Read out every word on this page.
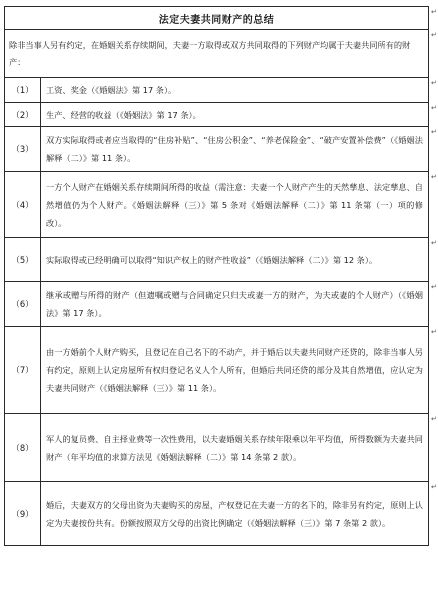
法定夫妻共同财产的总结	
除非当事人另有约定，在婚姻关系存续期间，夫妻一方取得或双方共同取得的下列财产均属于夫妻共同所有的财产：	
（1）	工资、奖金（《婚姻法》第 17 条）。
（2）	生产、经营的收益（《婚姻法》第 17 条）。
（3）	双方实际取得或者应当取得的“住房补贴”、“住房公积金”、“养老保险金”、“破产安置补偿费”（《婚姻法解释（二）》第 11 条）。
（4）	一方个人财产在婚姻关系存续期间所得的收益（需注意：夫妻一个人财产产生的天然孳息、法定孳息、自然增值仍为个人财产。《婚姻法解释（三）》第 5 条对《婚姻法解释（二）》第 11 条第（一）项的修改）。
（5）	实际取得或已经明确可以取得“知识产权上的财产性收益”（《婚姻法解释（二）》第 12 条）。
（6）	继承或赠与所得的财产（但遗嘱或赠与合同确定只归夫或妻一方的财产，为夫或妻的个人财产）（《婚姻法》第 17 条）。
（7）	由一方婚前个人财产购买，且登记在自己名下的不动产，并于婚后以夫妻共同财产还贷的，除非当事人另有约定，原则上认定房屋所有权归登记名义人个人所有，但婚后共同还贷的部分及其自然增值，应认定为夫妻共同财产（《婚姻法解释（三）》第 11 条）。
（8）	军人的复员费、自主择业费等一次性费用，以夫妻婚姻关系存续年限乘以年平均值，所得数额为夫妻共同财产（年平均值的求算方法见《婚姻法解释（二）》第 14 条第 2 款）。
（9）	婚后，夫妻双方的父母出资为夫妻购买的房屋，产权登记在夫妻一方的名下的，除非另有约定，原则上认定为夫妻按份共有。份额按照双方父母的出资比例确定（《婚姻法解释（三）》第 7 条第 2 款）。
↵
↵
↵
↵
↵
↵
↵
↵
↵
↵
↵
